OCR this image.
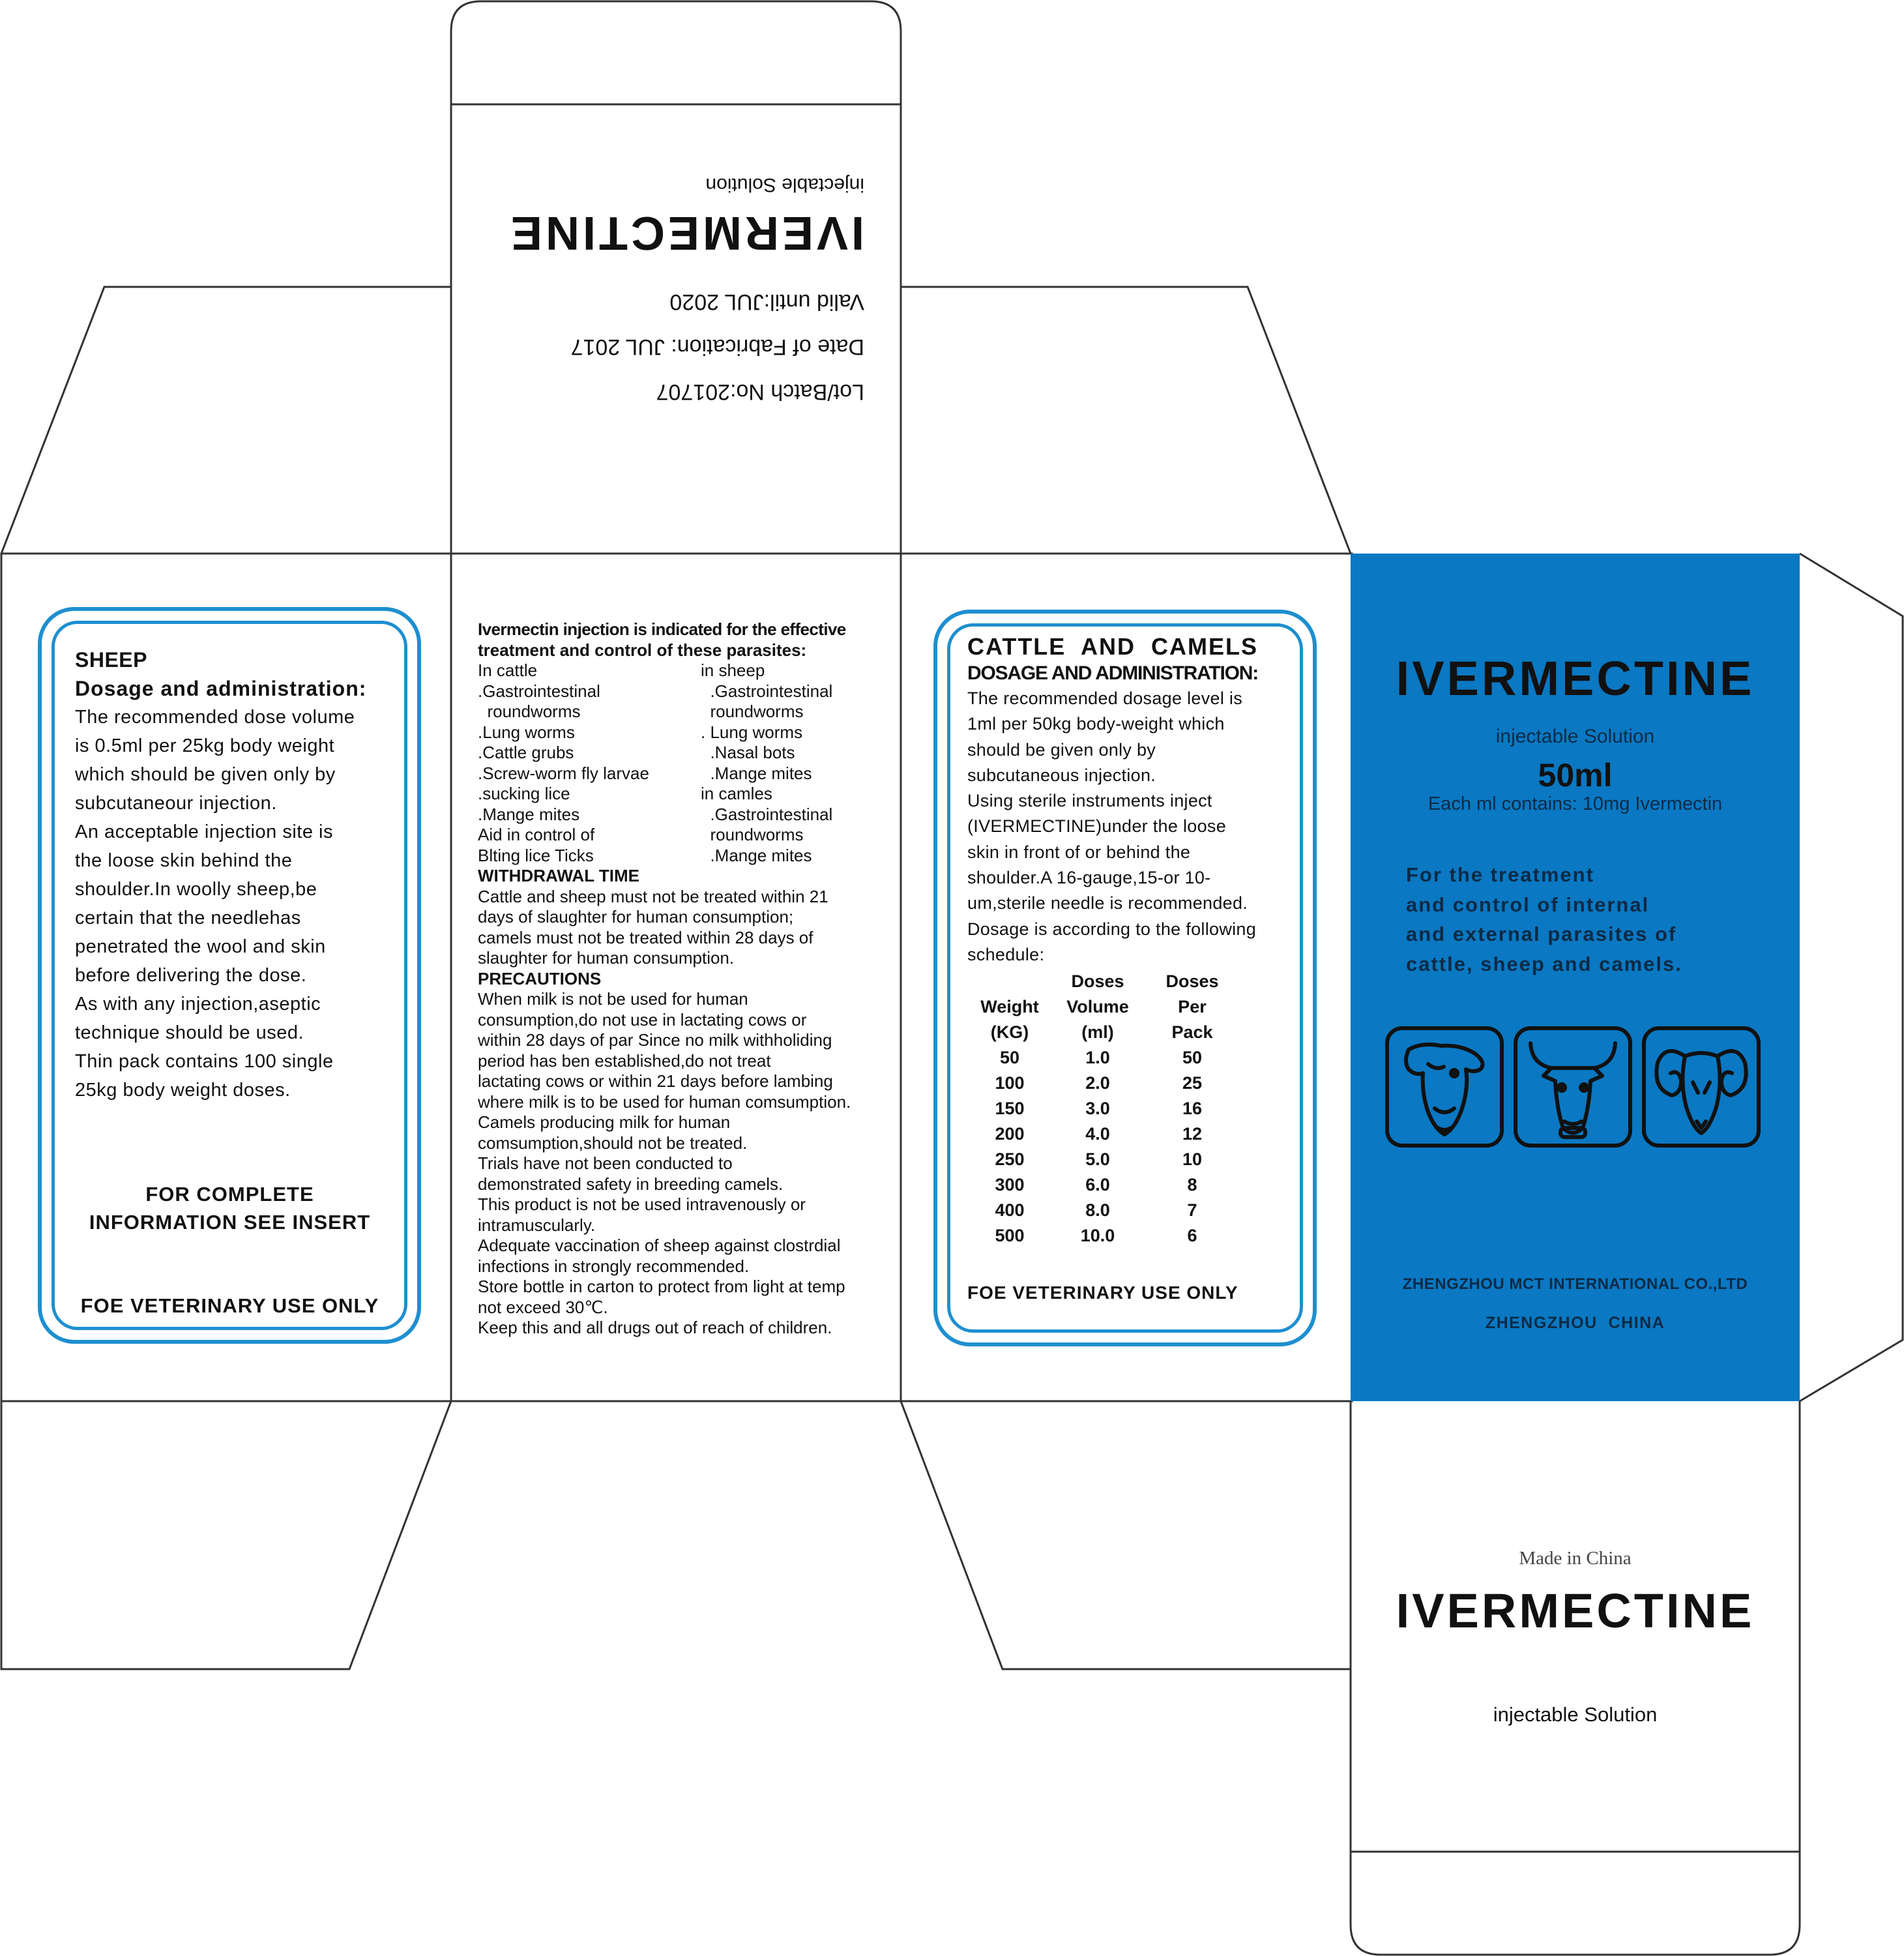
Lot/Batch No:201707
Date of Fabrication: JUL 2017
Valid until:JUL 2020
IVERMECTINE
injectable Solution
SHEEP
Dosage and administration:
The recommended dose volume
is 0.5ml per 25kg body weight
which should be given only by
subcutaneour injection.
An acceptable injection site is
the loose skin behind the
shoulder.In woolly sheep,be
certain that the needlehas
penetrated the wool and skin
before delivering the dose.
As with any injection,aseptic
technique should be used.
Thin pack contains 100 single
25kg body weight doses.
FOR COMPLETE
INFORMATION SEE INSERT
FOE VETERINARY USE ONLY
Ivermectin injection is indicated for the effective
treatment and control of these parasites:
In cattle
.Gastrointestinal
roundworms
.Lung worms
.Cattle grubs
.Screw-worm fly larvae
.sucking lice
.Mange mites
Aid in control of
Blting lice Ticks
in sheep
.Gastrointestinal
roundworms
. Lung worms
.Nasal bots
.Mange mites
in camles
.Gastrointestinal
roundworms
.Mange mites
WITHDRAWAL TIME
Cattle and sheep must not be treated within 21
days of slaughter for human consumption;
camels must not be treated within 28 days of
slaughter for human consumption.
PRECAUTIONS
When milk is not be used for human
consumption,do not use in lactating cows or
within 28 days of par Since no milk withholiding
period has ben established,do not treat
lactating cows or within 21 days before lambing
where milk is to be used for human comsumption.
Camels producing milk for human
comsumption,should not be treated.
Trials have not been conducted to
demonstrated safety in breeding camels.
This product is not be used intravenously or
intramuscularly.
Adequate vaccination of sheep against clostrdial
infections in strongly recommended.
Store bottle in carton to protect from light at temp
not exceed 30℃.
Keep this and all drugs out of reach of children.
CATTLE  AND  CAMELS
DOSAGE AND ADMINISTRATION:
The recommended dosage level is
1ml per 50kg body-weight which
should be given only by
subcutaneous injection.
Using sterile instruments inject
(IVERMECTINE)under the loose
skin in front of or behind the
shoulder.A 16-gauge,15-or 10-
um,sterile needle is recommended.
Dosage is according to the following
schedule:
	Doses	Doses
Weight	Volume	Per
(KG)	(ml)	Pack
50	1.0	50
100	2.0	25
150	3.0	16
200	4.0	12
250	5.0	10
300	6.0	8
400	8.0	7
500	10.0	6
FOE VETERINARY USE ONLY
IVERMECTINE
injectable Solution
50ml
Each ml contains: 10mg Ivermectin
For the treatment
and control of internal
and external parasites of
cattle, sheep and camels.
ZHENGZHOU MCT INTERNATIONAL CO.,LTD
ZHENGZHOU  CHINA
Made in China
IVERMECTINE
injectable Solution
